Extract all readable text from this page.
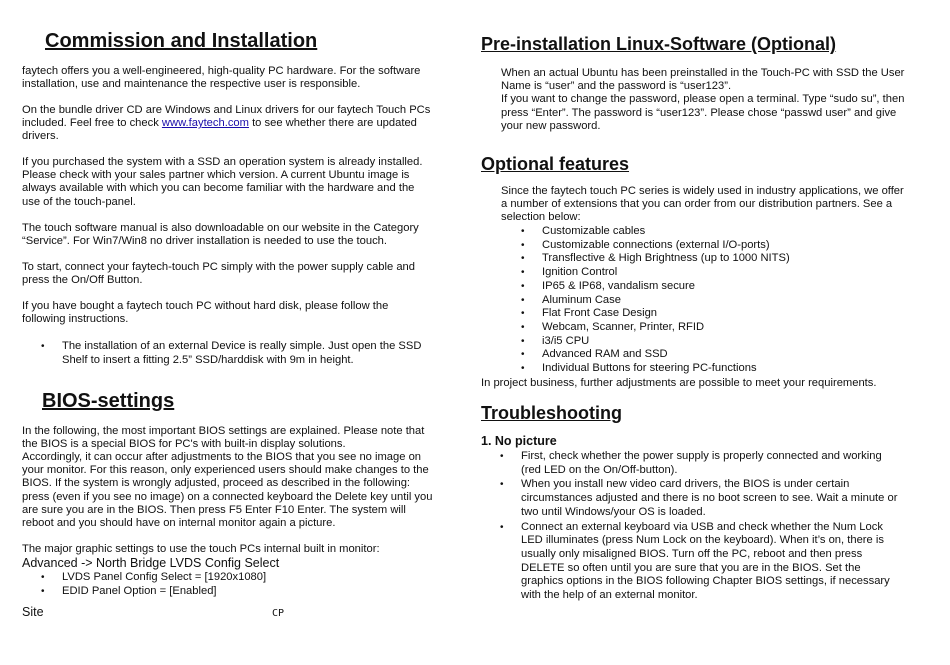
Commission and Installation

faytech offers you a well-engineered, high-quality PC hardware. For the software installation, use and maintenance the respective user is responsible.

On the bundle driver CD are Windows and Linux drivers for our faytech Touch PCs included. Feel free to check www.faytech.com to see whether there are updated drivers.

If you purchased the system with a SSD an operation system is already installed. Please check with your sales partner which version. A current Ubuntu image is always available with which you can become familiar with the hardware and the use of the touch-panel.

The touch software manual is also downloadable on our website in the Category “Service”. For Win7/Win8 no driver installation is needed to use the touch.

To start, connect your faytech-touch PC simply with the power supply cable and press the On/Off Button.

If you have bought a faytech touch PC without hard disk, please follow the following instructions.

• The installation of an external Device is really simple. Just open the SSD Shelf to insert a fitting 2.5” SSD/harddisk with 9m in height.
BIOS-settings

In the following, the most important BIOS settings are explained. Please note that the BIOS is a special BIOS for PC's with built-in display solutions.

Accordingly, it can occur after adjustments to the BIOS that you see no image on your monitor. For this reason, only experienced users should make changes to the BIOS. If the system is wrongly adjusted, proceed as described in the following: press (even if you see no image) on a connected keyboard the Delete key until you are sure you are in the BIOS. Then press F5 Enter F10 Enter. The system will reboot and you should have on internal monitor again a picture.

The major graphic settings to use the touch PCs internal built in monitor:

Advanced -> North Bridge LVDS Config Select
• LVDS Panel Config Select = [1920x1080]
• EDID Panel Option = [Enabled]
Site	CP
Pre-installation Linux-Software (Optional)

When an actual Ubuntu has been preinstalled in the Touch-PC with SSD the User Name is “user” and the password is “user123”.
If you want to change the password, please open a terminal. Type “sudo su”, then press “Enter”. The password is “user123”. Please chose “passwd user” and give your new password.

Optional features

Since the faytech touch PC series is widely used in industry applications, we offer a number of extensions that you can order from our distribution partners. See a selection below:

• Customizable cables
• Customizable connections (external I/O-ports)
• Transflective & High Brightness (up to 1000 NITS)
• Ignition Control
• IP65 & IP68, vandalism secure
• Aluminum Case
• Flat Front Case Design
• Webcam, Scanner, Printer, RFID
• i3/i5 CPU
• Advanced RAM and SSD
• Individual Buttons for steering PC-functions

In project business, further adjustments are possible to meet your requirements.

Troubleshooting
1. No picture
• First, check whether the power supply is properly connected and working (red LED on the On/Off-button).
• When you install new video card drivers, the BIOS is under certain circumstances adjusted and there is no boot screen to see. Wait a minute or two until Windows/your OS is loaded.
• Connect an external keyboard via USB and check whether the Num Lock LED illuminates (press Num Lock on the keyboard). When it’s on, there is usually only misaligned BIOS. Turn off the PC, reboot and then press DELETE so often until you are sure that you are in the BIOS. Set the graphics options in the BIOS following Chapter BIOS settings, if necessary with the help of an external monitor.
